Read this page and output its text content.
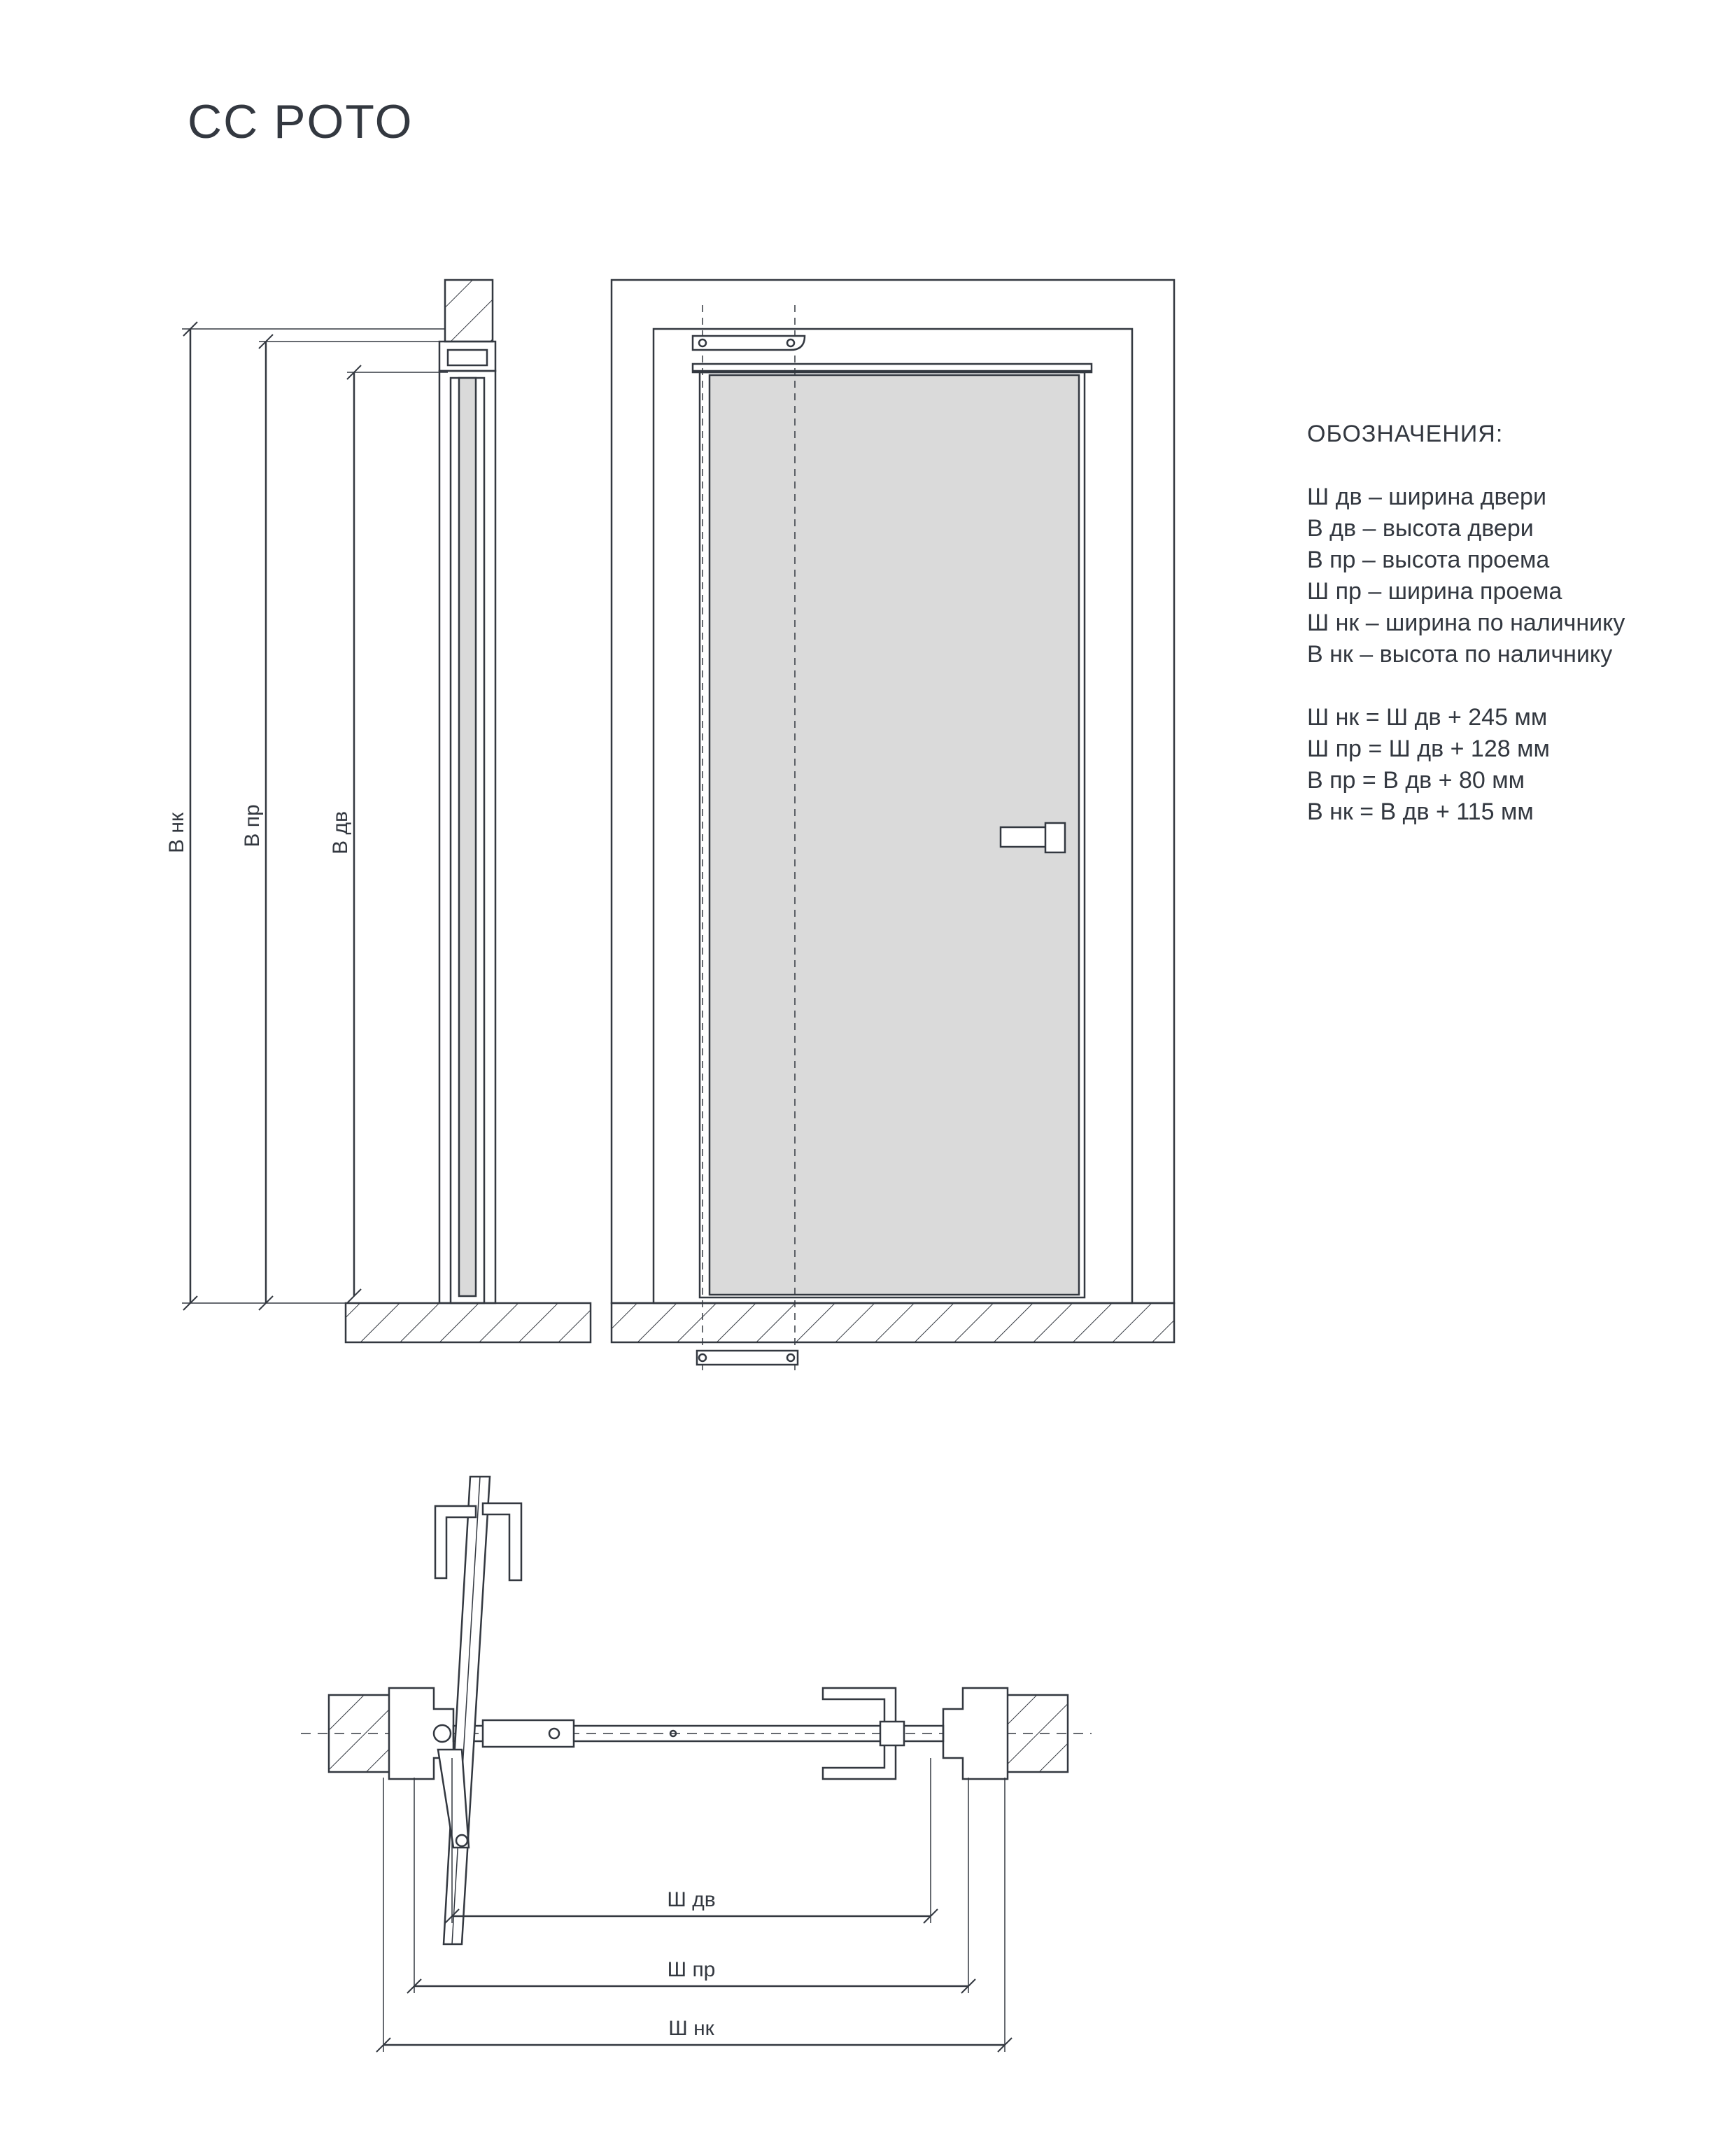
CC POTO
ОБОЗНАЧЕНИЯ:
Ш дв – ширина двери
В дв – высота двери
В пр – высота проема
Ш пр – ширина проема
Ш нк – ширина по наличнику
В нк – высота по наличнику
Ш нк = Ш дв + 245 мм
Ш пр = Ш дв + 128 мм
В пр = В дв + 80 мм
В нк = В дв + 115 мм
В нк	В пр	В дв
Ш дв
Ш пр
Ш нк
